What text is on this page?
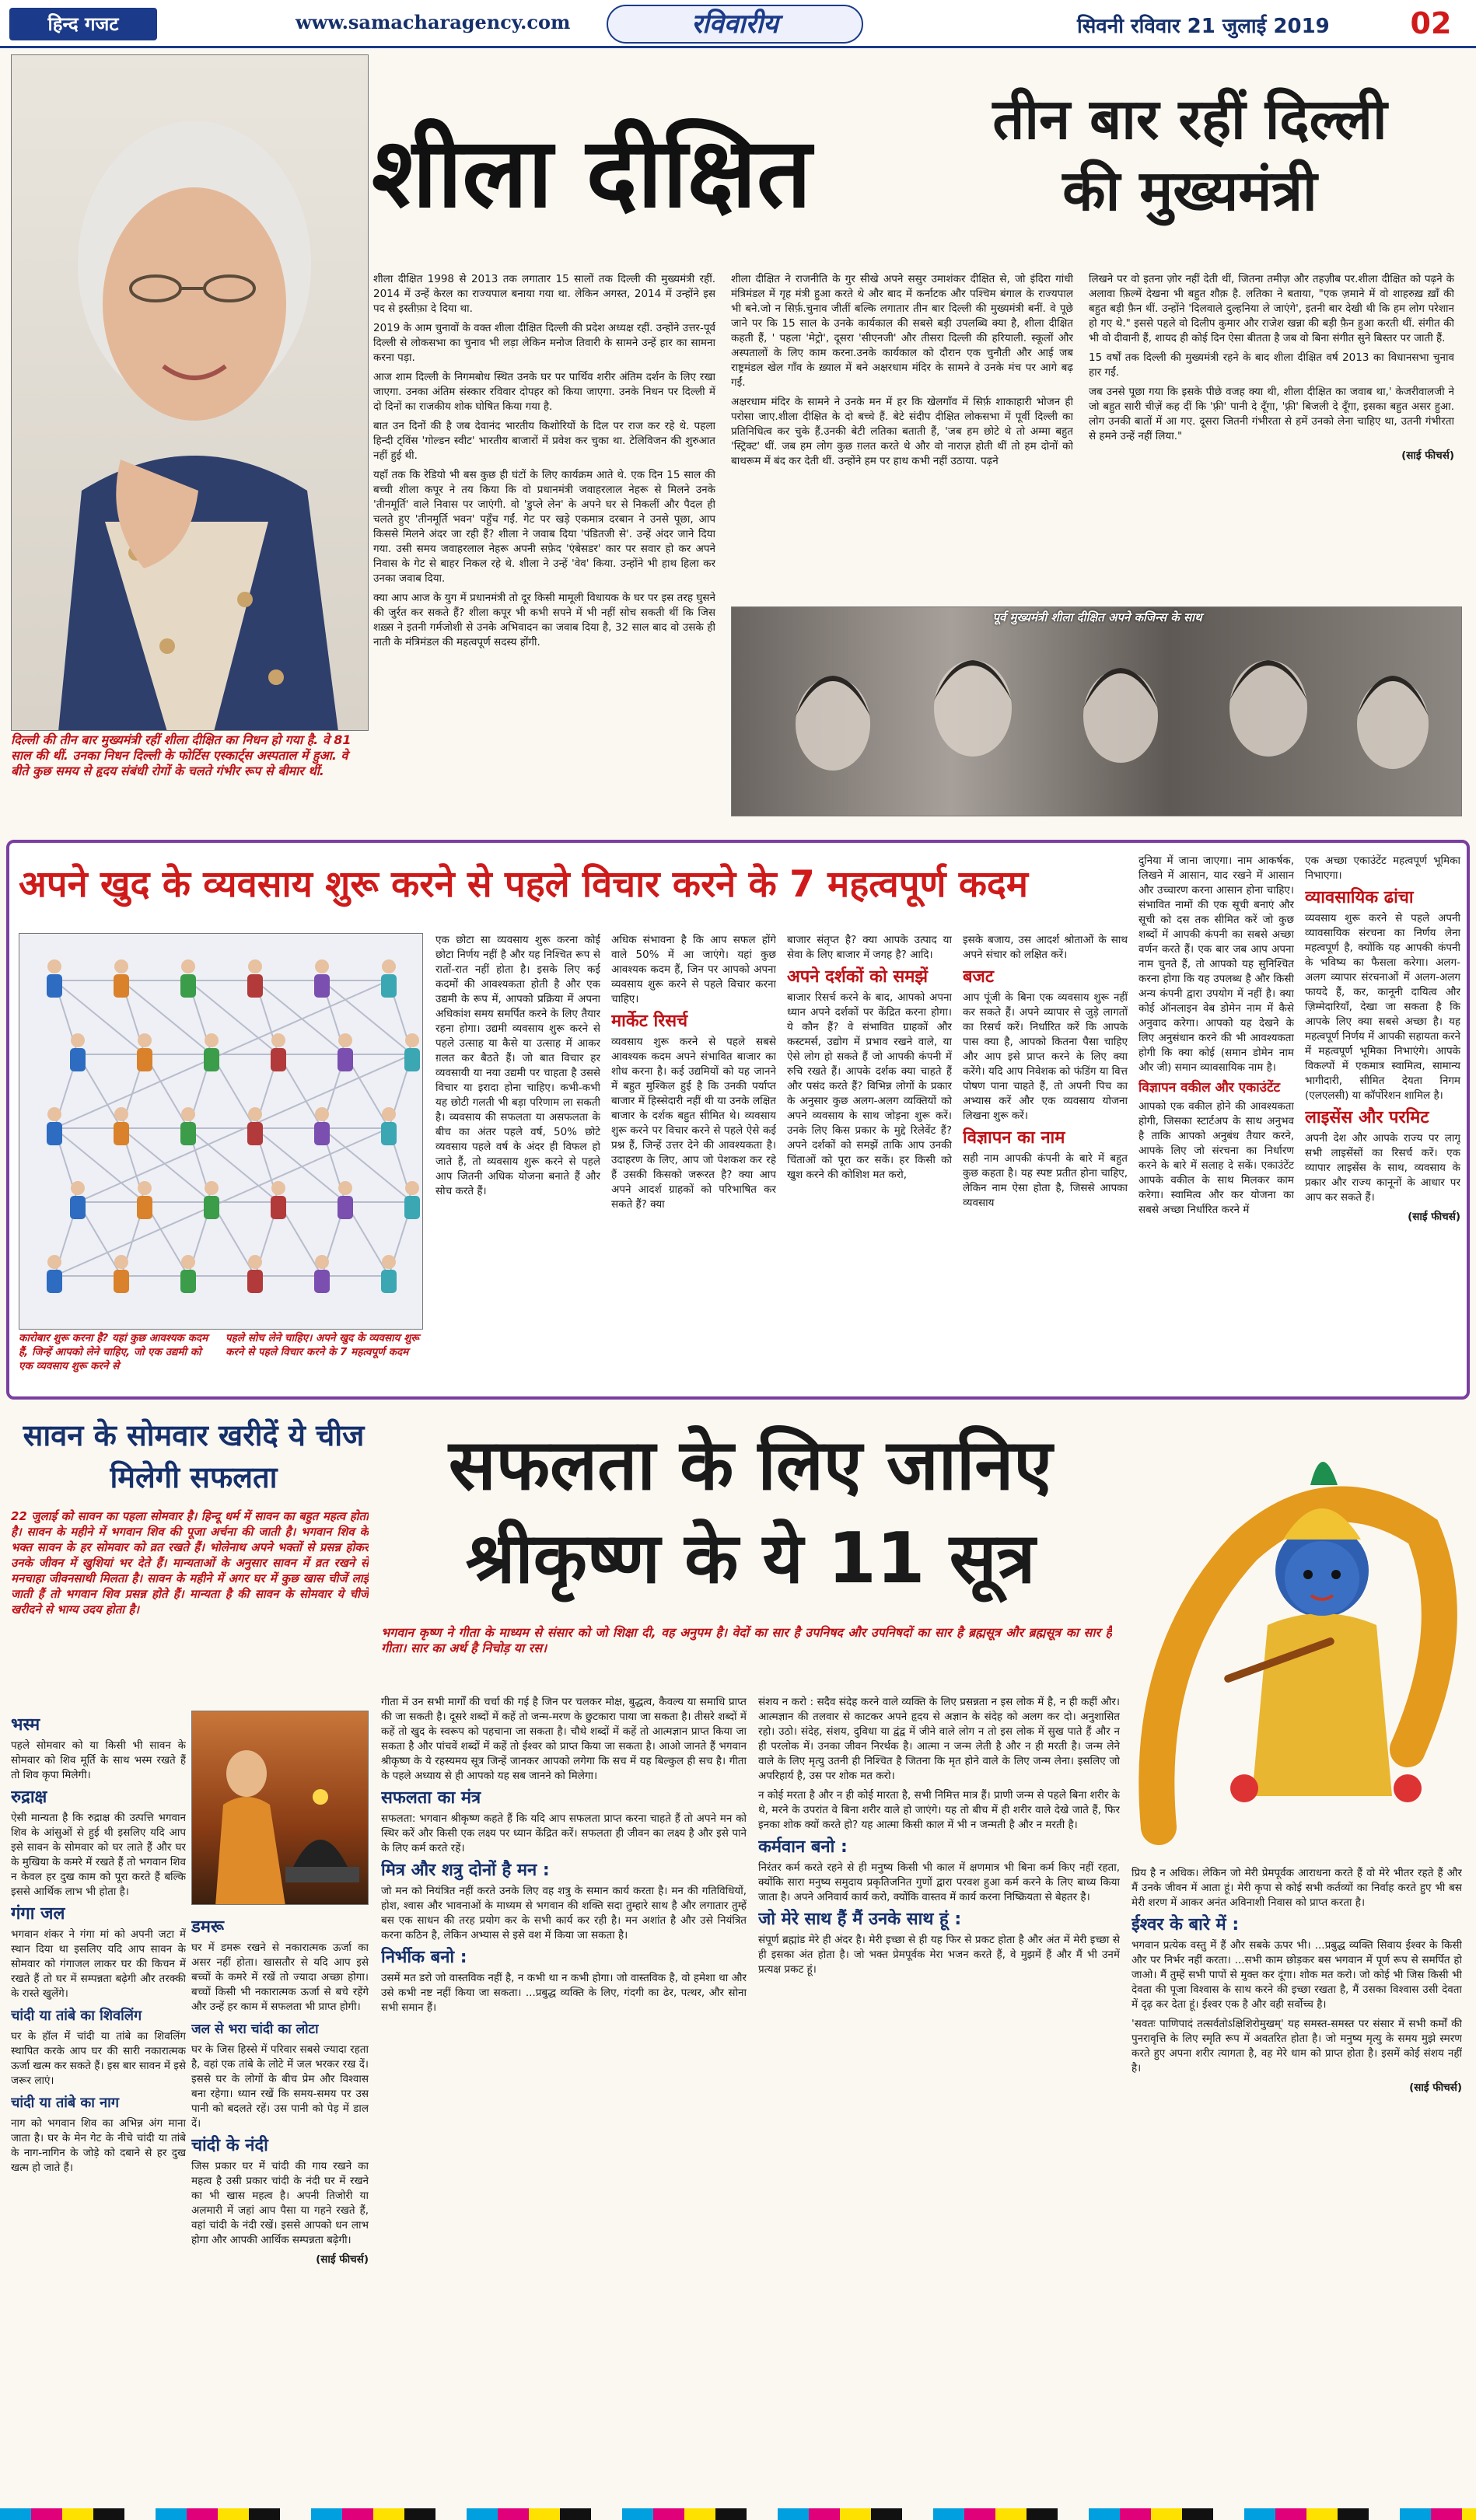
हिन्द गजट	www.samacharagency.com	रविवारीय	सिवनी रविवार 21 जुलाई 2019	02
दिल्ली की तीन बार मुख्यमंत्री रहीं शीला दीक्षित का निधन हो गया है. वे 81 साल की थीं. उनका निधन दिल्ली के फोर्टिस एस्कार्ट्स अस्पताल में हुआ. वे बीते कुछ समय से हृदय संबंधी रोगों के चलते गंभीर रूप से बीमार थीं.
शीला दीक्षित	तीन बार रहीं दिल्ली
की मुख्यमंत्री

शीला दीक्षित 1998 से 2013 तक लगातार 15 सालों तक दिल्ली की मुख्यमंत्री रहीं. 2014 में उन्हें केरल का राज्यपाल बनाया गया था. लेकिन अगस्त, 2014 में उन्होंने इस पद से इस्तीफ़ा दे दिया था.

2019 के आम चुनावों के वक्त शीला दीक्षित दिल्ली की प्रदेश अध्यक्ष रहीं. उन्होंने उत्तर-पूर्व दिल्ली से लोकसभा का चुनाव भी लड़ा लेकिन मनोज तिवारी के सामने उन्हें हार का सामना करना पड़ा.

आज शाम दिल्ली के निगमबोध स्थित उनके घर पर पार्थिव शरीर अंतिम दर्शन के लिए रखा जाएगा. उनका अंतिम संस्कार रविवार दोपहर को किया जाएगा. उनके निधन पर दिल्ली में दो दिनों का राजकीय शोक घोषित किया गया है.

बात उन दिनों की है जब देवानंद भारतीय किशोरियों के दिल पर राज कर रहे थे. पहला हिन्दी ट्विंस 'गोल्डन स्वीट' भारतीय बाजारों में प्रवेश कर चुका था. टेलिविजन की शुरुआत नहीं हुई थी.

यहाँ तक कि रेडियो भी बस कुछ ही घंटों के लिए कार्यक्रम आते थे. एक दिन 15 साल की बच्ची शीला कपूर ने तय किया कि वो प्रधानमंत्री जवाहरलाल नेहरू से मिलने उनके 'तीनमूर्ति' वाले निवास पर जाएंगी. वो 'डुप्ले लेन' के अपने घर से निकलीं और पैदल ही चलते हुए 'तीनमूर्ति भवन' पहुँच गईं. गेट पर खड़े एकमात्र दरबान ने उनसे पूछा, आप किससे मिलने अंदर जा रही हैं? शीला ने जवाब दिया 'पंडितजी से'. उन्हें अंदर जाने दिया गया. उसी समय जवाहरलाल नेहरू अपनी सफ़ेद 'एंबेसडर' कार पर सवार हो कर अपने निवास के गेट से बाहर निकल रहे थे. शीला ने उन्हें 'वेव' किया. उन्होंने भी हाथ हिला कर उनका जवाब दिया.

क्या आप आज के युग में प्रधानमंत्री तो दूर किसी मामूली विधायक के घर पर इस तरह घुसने की जुर्रत कर सकते हैं? शीला कपूर भी कभी सपने में भी नहीं सोच सकती थीं कि जिस शख़्स ने इतनी गर्मजोशी से उनके अभिवादन का जवाब दिया है, 32 साल बाद वो उसके ही नाती के मंत्रिमंडल की महत्वपूर्ण सदस्य होंगी.

शीला दीक्षित ने राजनीति के गुर सीखे अपने ससुर उमाशंकर दीक्षित से, जो इंदिरा गांधी मंत्रिमंडल में गृह मंत्री हुआ करते थे और बाद में कर्नाटक और पश्चिम बंगाल के राज्यपाल भी बने.जो न सिर्फ़.चुनाव जीतीं बल्कि लगातार तीन बार दिल्ली की मुख्यमंत्री बनीं. वे पूछे जाने पर कि 15 साल के उनके कार्यकाल की सबसे बड़ी उपलब्धि क्या है, शीला दीक्षित कहती हैं, ' पहला 'मेट्रो', दूसरा 'सीएनजी' और तीसरा दिल्ली की हरियाली. स्कूलों और अस्पतालों के लिए काम करना.उनके कार्यकाल को दौरान एक चुनौती और आई जब राष्ट्रमंडल खेल गाँव के ख़्याल में बने अक्षरधाम मंदिर के सामने वे उनके मंच पर आगे बढ़ गईं.

अक्षरधाम मंदिर के सामने ने उनके मन में हर कि खेलगाँव में सिर्फ़ शाकाहारी भोजन ही परोसा जाए.शीला दीक्षित के दो बच्चे हैं. बेटे संदीप दीक्षित लोकसभा में पूर्वी दिल्ली का प्रतिनिधित्व कर चुके हैं.उनकी बेटी लतिका बताती हैं, 'जब हम छोटे थे तो अम्मा बहुत 'स्ट्रिक्ट' थीं. जब हम लोग कुछ ग़लत करते थे और वो नाराज़ होती थीं तो हम दोनों को बाथरूम में बंद कर देती थीं. उन्होंने हम पर हाथ कभी नहीं उठाया. पढ़ने

लिखने पर वो इतना ज़ोर नहीं देती थीं, जितना तमीज़ और तहज़ीब पर.शीला दीक्षित को पढ़ने के अलावा फ़िल्में देखना भी बहुत शौक़ है. लतिका ने बताया, "एक ज़माने में वो शाहरुख़ ख़ाँ की बहुत बड़ी फ़ैन थीं. उन्होंने 'दिलवाले दुल्हनिया ले जाएंगे', इतनी बार देखी थी कि हम लोग परेशान हो गए थे." इससे पहले वो दिलीप कुमार और राजेश खन्ना की बड़ी फ़ैन हुआ करती थीं. संगीत की भी वो दीवानी हैं, शायद ही कोई दिन ऐसा बीतता है जब वो बिना संगीत सुने बिस्तर पर जाती हैं.

15 वर्षों तक दिल्ली की मुख्यमंत्री रहने के बाद शीला दीक्षित वर्ष 2013 का विधानसभा चुनाव हार गईं.

जब उनसे पूछा गया कि इसके पीछे वजह क्या थी, शीला दीक्षित का जवाब था,' केजरीवालजी ने जो बहुत सारी चीज़ें कह दीं कि 'फ़्री' पानी दे दूँगा, 'फ़्री' बिजली दे दूँगा, इसका बहुत असर हुआ. लोग उनकी बातों में आ गए. दूसरा जितनी गंभीरता से हमें उनको लेना चाहिए था, उतनी गंभीरता से हमने उन्हें नहीं लिया."

(साई फीचर्स)
पूर्व मुख्यमंत्री शीला दीक्षित अपने कजिन्स के साथ
अपने खुद के व्यवसाय शुरू करने से पहले विचार करने के 7 महत्वपूर्ण कदम
कारोबार शुरू करना है? यहां कुछ आवश्यक कदम हैं, जिन्हें आपको लेने चाहिए, जो एक उद्यमी को एक व्यवसाय शुरू करने से
पहले सोच लेने चाहिए। अपने खुद के व्यवसाय शुरू करने से पहले विचार करने के 7 महत्वपूर्ण कदम
एक छोटा सा व्यवसाय शुरू करना कोई छोटा निर्णय नहीं है और यह निश्चित रूप से रातों-रात नहीं होता है। इसके लिए कई कदमों की आवश्यकता होती है और एक उद्यमी के रूप में, आपको प्रक्रिया में अपना अधिकांश समय समर्पित करने के लिए तैयार रहना होगा। उद्यमी व्यवसाय शुरू करने से पहले उत्साह या कैसे या उत्साह में आकर ग़लत कर बैठते हैं। जो बात विचार हर व्यवसायी या नया उद्यमी पर चाहता है उससे विचार या इरादा होना चाहिए। कभी-कभी यह छोटी गलती भी बड़ा परिणाम ला सकती है। व्यवसाय की सफलता या असफलता के बीच का अंतर पहले वर्ष, 50% छोटे व्यवसाय पहले वर्ष के अंदर ही विफल हो जाते हैं, तो व्यवसाय शुरू करने से पहले आप जितनी अधिक योजना बनाते हैं और सोच करते हैं।

अधिक संभावना है कि आप सफल होंगे वाले 50% में आ जाएंगे। यहां कुछ आवश्यक कदम हैं, जिन पर आपको अपना व्यवसाय शुरू करने से पहले विचार करना चाहिए।

मार्केट रिसर्च

व्यवसाय शुरू करने से पहले सबसे आवश्यक कदम अपने संभावित बाजार का शोध करना है। कई उद्यमियों को यह जानने में बहुत मुश्किल हुई है कि उनकी पर्याप्त बाजार में हिस्सेदारी नहीं थी या उनके लक्षित बाजार के दर्शक बहुत सीमित थे। व्यवसाय शुरू करने पर विचार करने से पहले ऐसे कई प्रश्न हैं, जिन्हें उत्तर देने की आवश्यकता है। उदाहरण के लिए, आप जो पेशकश कर रहे हैं उसकी किसको जरूरत है? क्या आप अपने आदर्श ग्राहकों को परिभाषित कर सकते हैं? क्या

बाजार संतृप्त है? क्या आपके उत्पाद या सेवा के लिए बाजार में जगह है? आदि।

अपने दर्शकों को समझें

बाजार रिसर्च करने के बाद, आपको अपना ध्यान अपने दर्शकों पर केंद्रित करना होगा। ये कौन हैं? वे संभावित ग्राहकों और कस्टमर्स, उद्योग में प्रभाव रखने वाले, या ऐसे लोग हो सकते हैं जो आपकी कंपनी में रुचि रखते हैं। आपके दर्शक क्या चाहते हैं और पसंद करते हैं? विभिन्न लोगों के प्रकार के अनुसार कुछ अलग-अलग व्यक्तियों को अपने व्यवसाय के साथ जोड़ना शुरू करें। उनके लिए किस प्रकार के मुद्दे रिलेवेंट हैं? अपने दर्शकों को समझें ताकि आप उनकी चिंताओं को पूरा कर सकें। हर किसी को खुश करने की कोशिश मत करो,

इसके बजाय, उस आदर्श श्रोताओं के साथ अपने संचार को लक्षित करें।

बजट

आप पूंजी के बिना एक व्यवसाय शुरू नहीं कर सकते हैं। अपने व्यापार से जुड़े लागतों का रिसर्च करें। निर्धारित करें कि आपके पास क्या है, आपको कितना पैसा चाहिए और आप इसे प्राप्त करने के लिए क्या करेंगे। यदि आप निवेशक को फंडिंग या वित्त पोषण पाना चाहते हैं, तो अपनी पिच का अभ्यास करें और एक व्यवसाय योजना लिखना शुरू करें।

विज्ञापन का नाम

सही नाम आपकी कंपनी के बारे में बहुत कुछ कहता है। यह स्पष्ट प्रतीत होना चाहिए, लेकिन नाम ऐसा होता है, जिससे आपका व्यवसाय

दुनिया में जाना जाएगा। नाम आकर्षक, लिखने में आसान, याद रखने में आसान और उच्चारण करना आसान होना चाहिए। संभावित नामों की एक सूची बनाएं और सूची को दस तक सीमित करें जो कुछ शब्दों में आपकी कंपनी का सबसे अच्छा वर्णन करते हैं। एक बार जब आप अपना नाम चुनते हैं, तो आपको यह सुनिश्चित करना होगा कि यह उपलब्ध है और किसी अन्य कंपनी द्वारा उपयोग में नहीं है। क्या कोई ऑनलाइन वेब डोमेन नाम में कैसे अनुवाद करेगा। आपको यह देखने के लिए अनुसंधान करने की भी आवश्यकता होगी कि क्या कोई (समान डोमेन नाम और जी) समान व्यावसायिक नाम है।

विज्ञापन वकील और एकाउंटेंट

आपको एक वकील होने की आवश्यकता होगी, जिसका स्टार्टअप के साथ अनुभव है ताकि आपको अनुबंध तैयार करने, आपके लिए जो संरचना का निर्धारण करने के बारे में सलाह दे सकें। एकाउंटेंट आपके वकील के साथ मिलकर काम करेगा। स्वामित्व और कर योजना का सबसे अच्छा निर्धारित करने में

एक अच्छा एकाउंटेंट महत्वपूर्ण भूमिका निभाएगा।

व्यावसायिक ढांचा

व्यवसाय शुरू करने से पहले अपनी व्यावसायिक संरचना का निर्णय लेना महत्वपूर्ण है, क्योंकि यह आपकी कंपनी के भविष्य का फैसला करेगा। अलग-अलग व्यापार संरचनाओं में अलग-अलग फायदे हैं, कर, कानूनी दायित्व और ज़िम्मेदारियाँ, देखा जा सकता है कि आपके लिए क्या सबसे अच्छा है। यह महत्वपूर्ण निर्णय में आपकी सहायता करने में महत्वपूर्ण भूमिका निभाएंगे। आपके विकल्पों में एकमात्र स्वामित्व, सामान्य भागीदारी, सीमित देयता निगम (एलएलसी) या कॉर्पोरेशन शामिल है।

लाइसेंस और परमिट

अपनी देश और आपके राज्य पर लागू सभी लाइसेंसों का रिसर्च करें। एक व्यापार लाइसेंस के साथ, व्यवसाय के प्रकार और राज्य कानूनों के आधार पर आप कर सकते हैं।

(साई फीचर्स)
सावन के सोमवार खरीदें ये चीज
मिलेगी सफलता
22 जुलाई को सावन का पहला सोमवार है। हिन्दू धर्म में सावन का बहुत महत्व होता है। सावन के महीने में भगवान शिव की पूजा अर्चना की जाती है। भगवान शिव के भक्त सावन के हर सोमवार को व्रत रखते हैं। भोलेनाथ अपने भक्तों से प्रसन्न होकर उनके जीवन में खुशियां भर देते हैं। मान्यताओं के अनुसार सावन में व्रत रखने से मनचाहा जीवनसाथी मिलता है। सावन के महीने में अगर घर में कुछ खास चीजें लाई जाती हैं तो भगवान शिव प्रसन्न होते हैं। मान्यता है की सावन के सोमवार ये चीजें खरीदने से भाग्य उदय होता है।
भस्म

पहले सोमवार को या किसी भी सावन के सोमवार को शिव मूर्ति के साथ भस्म रखते हैं तो शिव कृपा मिलेगी।

रुद्राक्ष

ऐसी मान्यता है कि रुद्राक्ष की उत्पत्ति भगवान शिव के आंसुओं से हुई थी इसलिए यदि आप इसे सावन के सोमवार को घर लाते हैं और घर के मुखिया के कमरे में रखते हैं तो भगवान शिव न केवल हर दुख काम को पूरा करते हैं बल्कि इससे आर्थिक लाभ भी होता है।

गंगा जल

भगवान शंकर ने गंगा मां को अपनी जटा में स्थान दिया था इसलिए यदि आप सावन के सोमवार को गंगाजल लाकर घर की किचन में रखते हैं तो घर में सम्पन्नता बढ़ेगी और तरक्की के रास्ते खुलेंगे।

चांदी या तांबे का शिवलिंग

घर के हॉल में चांदी या तांबे का शिवलिंग स्थापित करके आप घर की सारी नकारात्मक ऊर्जा खत्म कर सकते हैं। इस बार सावन में इसे जरूर लाएं।

चांदी या तांबे का नाग

नाग को भगवान शिव का अभिन्न अंग माना जाता है। घर के मेन गेट के नीचे चांदी या तांबे के नाग-नागिन के जोड़े को दबाने से हर दुख खत्म हो जाते हैं।

डमरू

घर में डमरू रखने से नकारात्मक ऊर्जा का असर नहीं होता। खासतौर से यदि आप इसे बच्चों के कमरे में रखें तो ज्यादा अच्छा होगा। बच्चों किसी भी नकारात्मक ऊर्जा से बचे रहेंगे और उन्हें हर काम में सफलता भी प्राप्त होगी।

जल से भरा चांदी का लोटा

घर के जिस हिस्से में परिवार सबसे ज्यादा रहता है, वहां एक तांबे के लोटे में जल भरकर रख दें। इससे घर के लोगों के बीच प्रेम और विश्वास बना रहेगा। ध्यान रखें कि समय-समय पर उस पानी को बदलते रहें। उस पानी को पेड़ में डाल दें।

चांदी के नंदी

जिस प्रकार घर में चांदी की गाय रखने का महत्व है उसी प्रकार चांदी के नंदी घर में रखने का भी खास महत्व है। अपनी तिजोरी या अलमारी में जहां आप पैसा या गहने रखते हैं, वहां चांदी के नंदी रखें। इससे आपको धन लाभ होगा और आपकी आर्थिक सम्पन्नता बढ़ेगी।

(साई फीचर्स)
सफलता के लिए जानिए
श्रीकृष्ण के ये 11 सूत्र
भगवान कृष्ण ने गीता के माध्यम से संसार को जो शिक्षा दी, वह अनुपम है। वेदों का सार है उपनिषद और उपनिषदों का सार है ब्रह्मसूत्र और ब्रह्मसूत्र का सार है गीता। सार का अर्थ है निचोड़ या रस।

गीता में उन सभी मार्गों की चर्चा की गई है जिन पर चलकर मोक्ष, बुद्धत्व, कैवल्य या समाधि प्राप्त की जा सकती है। दूसरे शब्दों में कहें तो जन्म-मरण के छुटकारा पाया जा सकता है। तीसरे शब्दों में कहें तो खुद के स्वरूप को पहचाना जा सकता है। चौथे शब्दों में कहें तो आत्मज्ञान प्राप्त किया जा सकता है और पांचवें शब्दों में कहें तो ईश्वर को प्राप्त किया जा सकता है। आओ जानते हैं भगवान श्रीकृष्ण के ये रहस्यमय सूत्र जिन्हें जानकर आपको लगेगा कि सच में यह बिल्कुल ही सच है। गीता के पहले अध्याय से ही आपको यह सब जानने को मिलेगा।

सफलता का मंत्र

सफलता: भगवान श्रीकृष्ण कहते हैं कि यदि आप सफलता प्राप्त करना चाहते हैं तो अपने मन को स्थिर करें और किसी एक लक्ष्य पर ध्यान केंद्रित करें। सफलता ही जीवन का लक्ष्य है और इसे पाने के लिए कर्म करते रहें।

मित्र और शत्रु दोनों है मन :

जो मन को नियंत्रित नहीं करते उनके लिए वह शत्रु के समान कार्य करता है। मन की गतिविधियों, होश, श्वास और भावनाओं के माध्यम से भगवान की शक्ति सदा तुम्हारे साथ है और लगातार तुम्हें बस एक साधन की तरह प्रयोग कर के सभी कार्य कर रही है। मन अशांत है और उसे नियंत्रित करना कठिन है, लेकिन अभ्यास से इसे वश में किया जा सकता है।

निर्भीक बनो :

उसमें मत डरो जो वास्तविक नहीं है, न कभी था न कभी होगा। जो वास्तविक है, वो हमेशा था और उसे कभी नष्ट नहीं किया जा सकता। ...प्रबुद्ध व्यक्ति के लिए, गंदगी का ढेर, पत्थर, और सोना सभी समान हैं।

संशय न करो : सदैव संदेह करने वाले व्यक्ति के लिए प्रसन्नता न इस लोक में है, न ही कहीं और। आत्मज्ञान की तलवार से काटकर अपने हृदय से अज्ञान के संदेह को अलग कर दो। अनुशासित रहो। उठो। संदेह, संशय, दुविधा या द्वंद्व में जीने वाले लोग न तो इस लोक में सुख पाते हैं और न ही परलोक में। उनका जीवन निरर्थक है। आत्मा न जन्म लेती है और न ही मरती है। जन्म लेने वाले के लिए मृत्यु उतनी ही निश्चित है जितना कि मृत होने वाले के लिए जन्म लेना। इसलिए जो अपरिहार्य है, उस पर शोक मत करो।

न कोई मरता है और न ही कोई मारता है, सभी निमित्त मात्र हैं। प्राणी जन्म से पहले बिना शरीर के थे, मरने के उपरांत वे बिना शरीर वाले हो जाएंगे। यह तो बीच में ही शरीर वाले देखे जाते हैं, फिर इनका शोक क्यों करते हो? यह आत्मा किसी काल में भी न जन्मती है और न मरती है।

कर्मवान बनो :

निरंतर कर्म करते रहने से ही मनुष्य किसी भी काल में क्षणमात्र भी बिना कर्म किए नहीं रहता, क्योंकि सारा मनुष्य समुदाय प्रकृतिजनित गुणों द्वारा परवश हुआ कर्म करने के लिए बाध्य किया जाता है। अपने अनिवार्य कार्य करो, क्योंकि वास्तव में कार्य करना निष्क्रियता से बेहतर है।

जो मेरे साथ हैं मैं उनके साथ हूं :

संपूर्ण ब्रह्मांड मेरे ही अंदर है। मेरी इच्छा से ही यह फिर से प्रकट होता है और अंत में मेरी इच्छा से ही इसका अंत होता है। जो भक्त प्रेमपूर्वक मेरा भजन करते हैं, वे मुझमें हैं और मैं भी उनमें प्रत्यक्ष प्रकट हूं।

प्रिय है न अधिक। लेकिन जो मेरी प्रेमपूर्वक आराधना करते हैं वो मेरे भीतर रहते हैं और मैं उनके जीवन में आता हूं। मेरी कृपा से कोई सभी कर्तव्यों का निर्वाह करते हुए भी बस मेरी शरण में आकर अनंत अविनाशी निवास को प्राप्त करता है।

ईश्वर के बारे में :

भगवान प्रत्येक वस्तु में हैं और सबके ऊपर भी। ...प्रबुद्ध व्यक्ति सिवाय ईश्वर के किसी और पर निर्भर नहीं करता। ...सभी काम छोड़कर बस भगवान में पूर्ण रूप से समर्पित हो जाओ। मैं तुम्हें सभी पापों से मुक्त कर दूंगा। शोक मत करो। जो कोई भी जिस किसी भी देवता की पूजा विश्वास के साथ करने की इच्छा रखता है, मैं उसका विश्वास उसी देवता में दृढ़ कर देता हूं। ईश्वर एक है और वही सर्वोच्च है।

'सवतः पाणिपादं तत्सर्वतोऽक्षिशिरोमुखम्' यह समस्त-समस्त पर संसार में सभी कर्मों की पुनरावृत्ति के लिए स्मृति रूप में अवतरित होता है। जो मनुष्य मृत्यु के समय मुझे स्मरण करते हुए अपना शरीर त्यागता है, वह मेरे धाम को प्राप्त होता है। इसमें कोई संशय नहीं है।

(साई फीचर्स)
